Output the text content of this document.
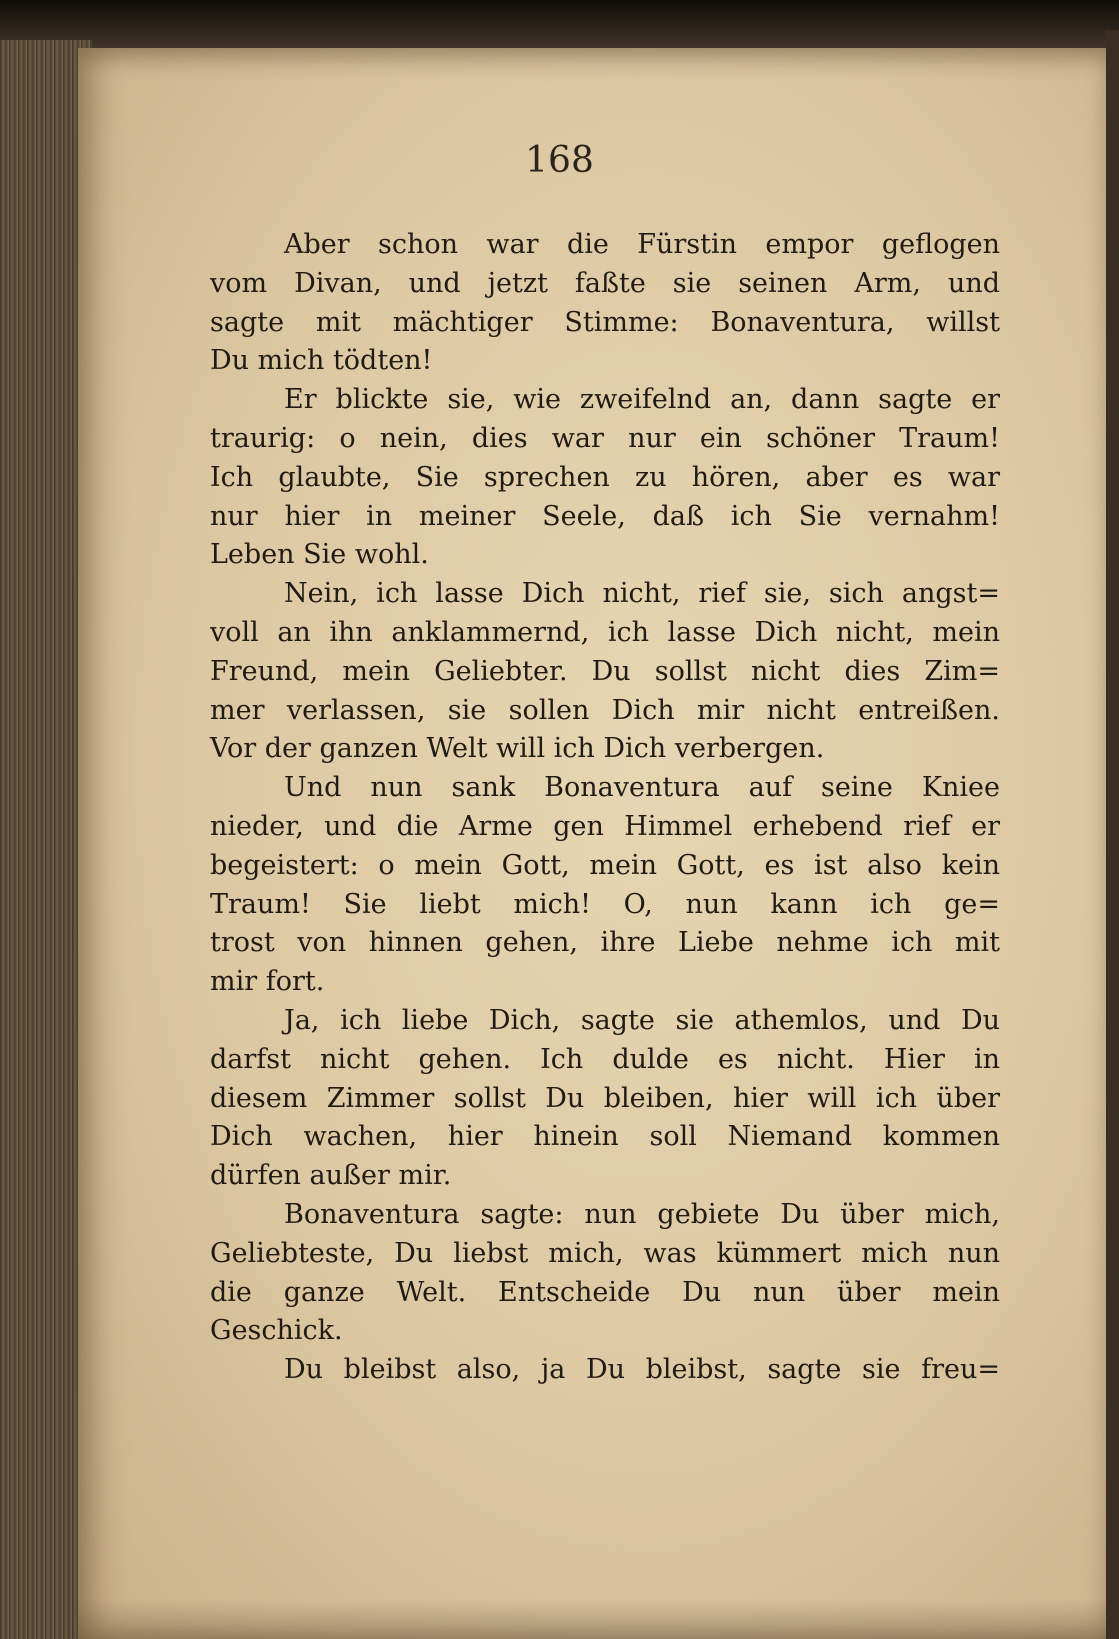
168
Aber schon war die Fürstin empor geflogen
vom Divan, und jetzt faßte sie seinen Arm, und
sagte mit mächtiger Stimme: Bonaventura, willst
Du mich tödten!
Er blickte sie, wie zweifelnd an, dann sagte er
traurig: o nein, dies war nur ein schöner Traum!
Ich glaubte, Sie sprechen zu hören, aber es war
nur hier in meiner Seele, daß ich Sie vernahm!
Leben Sie wohl.
Nein, ich lasse Dich nicht, rief sie, sich angst=
voll an ihn anklammernd, ich lasse Dich nicht, mein
Freund, mein Geliebter. Du sollst nicht dies Zim=
mer verlassen, sie sollen Dich mir nicht entreißen.
Vor der ganzen Welt will ich Dich verbergen.
Und nun sank Bonaventura auf seine Kniee
nieder, und die Arme gen Himmel erhebend rief er
begeistert: o mein Gott, mein Gott, es ist also kein
Traum! Sie liebt mich! O, nun kann ich ge=
trost von hinnen gehen, ihre Liebe nehme ich mit
mir fort.
Ja, ich liebe Dich, sagte sie athemlos, und Du
darfst nicht gehen. Ich dulde es nicht. Hier in
diesem Zimmer sollst Du bleiben, hier will ich über
Dich wachen, hier hinein soll Niemand kommen
dürfen außer mir.
Bonaventura sagte: nun gebiete Du über mich,
Geliebteste, Du liebst mich, was kümmert mich nun
die ganze Welt. Entscheide Du nun über mein
Geschick.
Du bleibst also, ja Du bleibst, sagte sie freu=
